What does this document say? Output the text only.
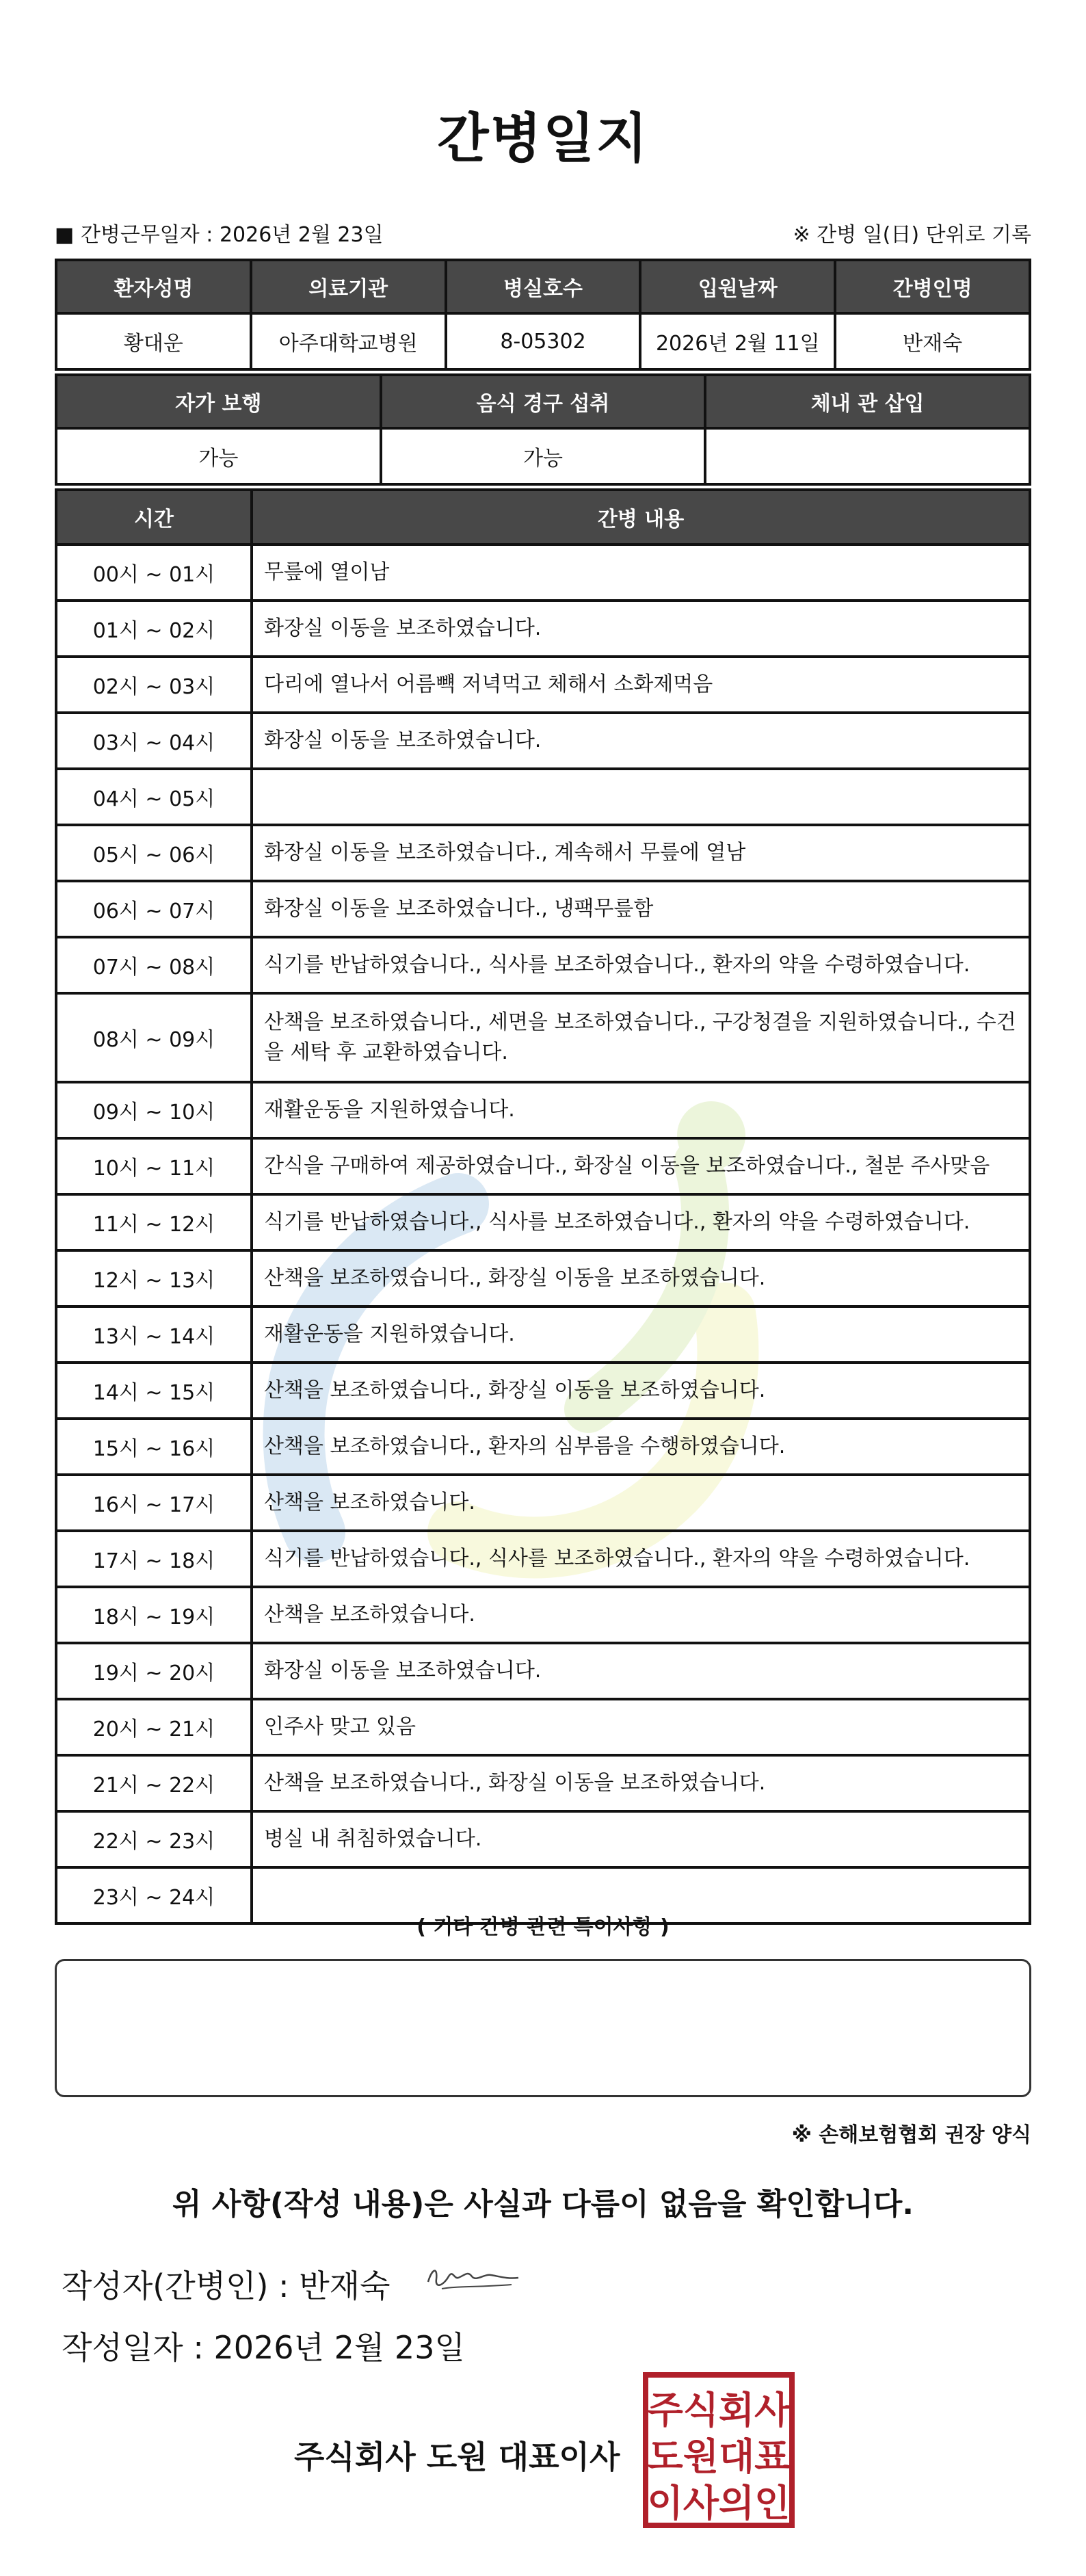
간병일지
■ 간병근무일자 : 2026년 2월 23일	※ 간병 일(日) 단위로 기록
환자성명	의료기관	병실호수	입원날짜	간병인명
황대운	아주대학교병원	8-05302	2026년 2월 11일	반재숙
자가 보행	음식 경구 섭취	체내 관 삽입
가능	가능	
시간	간병 내용
00시 ~ 01시	무릎에 열이남
01시 ~ 02시	화장실 이동을 보조하였습니다.
02시 ~ 03시	다리에 열나서 어름뺵 저녁먹고 체해서 소화제먹음
03시 ~ 04시	화장실 이동을 보조하였습니다.
04시 ~ 05시	
05시 ~ 06시	화장실 이동을 보조하였습니다., 계속해서 무릎에 열남
06시 ~ 07시	화장실 이동을 보조하였습니다., 냉팩무릎함
07시 ~ 08시	식기를 반납하였습니다., 식사를 보조하였습니다., 환자의 약을 수령하였습니다.
08시 ~ 09시	산책을 보조하였습니다., 세면을 보조하였습니다., 구강청결을 지원하였습니다., 수건을 세탁 후 교환하였습니다.
09시 ~ 10시	재활운동을 지원하였습니다.
10시 ~ 11시	간식을 구매하여 제공하였습니다., 화장실 이동을 보조하였습니다., 철분 주사맞음
11시 ~ 12시	식기를 반납하였습니다., 식사를 보조하였습니다., 환자의 약을 수령하였습니다.
12시 ~ 13시	산책을 보조하였습니다., 화장실 이동을 보조하였습니다.
13시 ~ 14시	재활운동을 지원하였습니다.
14시 ~ 15시	산책을 보조하였습니다., 화장실 이동을 보조하였습니다.
15시 ~ 16시	산책을 보조하였습니다., 환자의 심부름을 수행하였습니다.
16시 ~ 17시	산책을 보조하였습니다.
17시 ~ 18시	식기를 반납하였습니다., 식사를 보조하였습니다., 환자의 약을 수령하였습니다.
18시 ~ 19시	산책을 보조하였습니다.
19시 ~ 20시	화장실 이동을 보조하였습니다.
20시 ~ 21시	인주사 맞고 있음
21시 ~ 22시	산책을 보조하였습니다., 화장실 이동을 보조하였습니다.
22시 ~ 23시	병실 내 취침하였습니다.
23시 ~ 24시	
( 기타 간병 관련 특이사항 )
※ 손해보험협회 권장 양식
위 사항(작성 내용)은 사실과 다름이 없음을 확인합니다.
작성자(간병인) : 반재숙
작성일자 : 2026년 2월 23일
주식회사 도원 대표이사
주식회사
도원대표
이사의인
